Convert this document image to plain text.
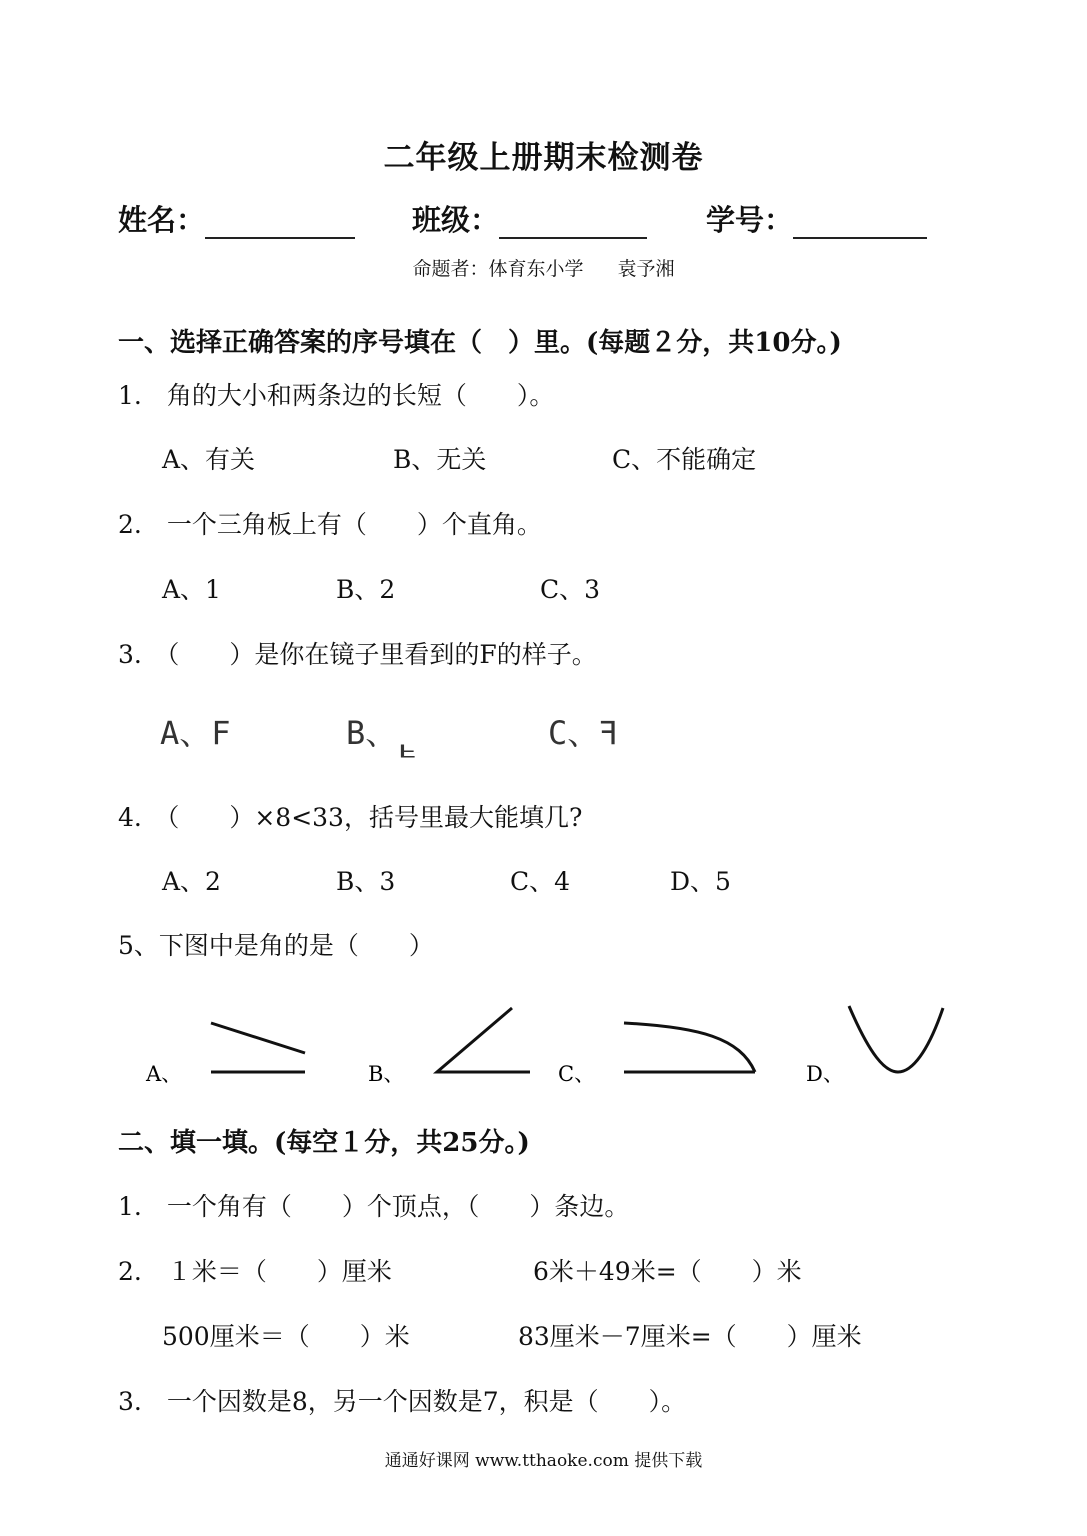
二年级上册期末检测卷
姓名：	班级：	学号：
命题者：体育东小学 袁予湘
一、选择正确答案的序号填在（　）里。(每题２分，共10分。)
1.　角的大小和两条边的长短（　　）。
A、有关	B、无关	C、不能确定
2.　一个三角板上有（　　）个直角。
A、1	B、2	C、3
3.　（　　）是你在镜子里看到的F的样子。
A、F	B、F	C、F
4.　（　　）×8<33，括号里最大能填几?
A、2	B、3	C、4	D、5
5、下图中是角的是（　　）
A、	B、	C、	D、
二、填一填。(每空１分，共25分。)
1.　一个角有（　　）个顶点，（　　）条边。
2.　１米＝（　　）厘米	6米＋49米=（　　）米
500厘米＝（　　）米	83厘米－7厘米=（　　）厘米
3.　一个因数是8，另一个因数是7，积是（　　）。
通通好课网 www.tthaoke.com 提供下载
